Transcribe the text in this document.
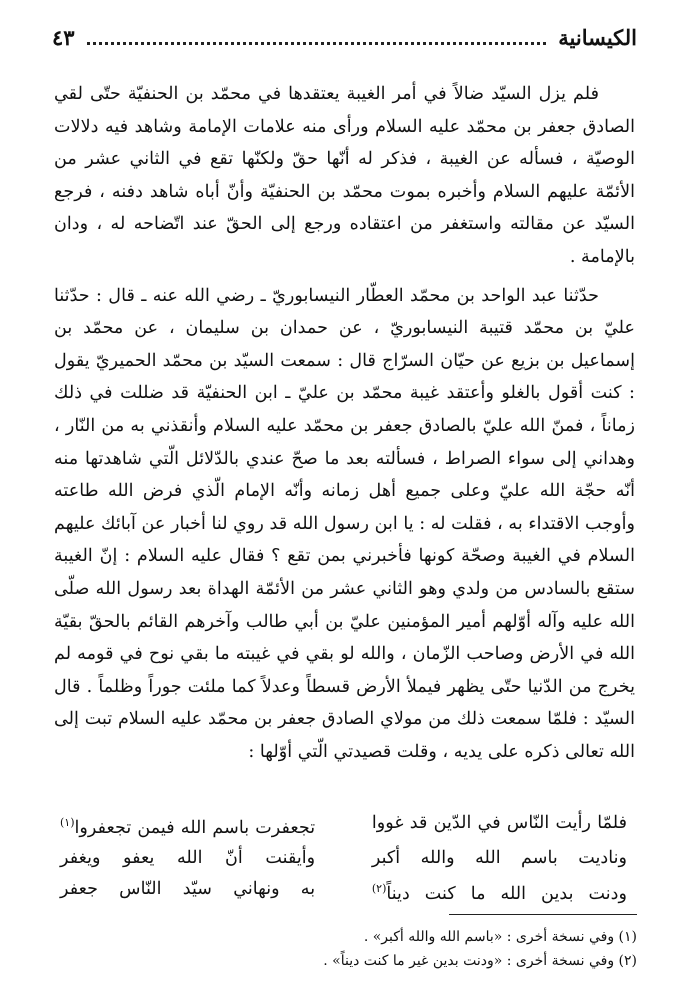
الكيسانية
٤٣

فلم يزل السيّد ضالاً في أمر الغيبة يعتقدها في محمّد بن الحنفيّة حتّى لقي الصادق جعفر بن محمّد عليه السلام ورأى منه علامات الإمامة وشاهد فيه دلالات الوصيّة ، فسأله عن الغيبة ، فذكر له أنّها حقّ ولكنّها تقع في الثاني عشر من الأئمّة عليهم السلام وأخبره بموت محمّد بن الحنفيّة وأنّ أباه شاهد دفنه ، فرجع السيّد عن مقالته واستغفر من اعتقاده ورجع إلى الحقّ عند اتّضاحه له ، ودان بالإمامة .

حدّثنا عبد الواحد بن محمّد العطّار النيسابوريّ ـ رضي الله عنه ـ قال : حدّثنا عليّ بن محمّد قتيبة النيسابوريّ ، عن حمدان بن سليمان ، عن محمّد بن إسماعيل بن بزيع عن حيّان السرّاج قال : سمعت السيّد بن محمّد الحميريّ يقول : كنت أقول بالغلو وأعتقد غيبة محمّد بن عليّ ـ ابن الحنفيّة قد ضللت في ذلك زماناً ، فمنّ الله عليّ بالصادق جعفر بن محمّد عليه السلام وأنقذني به من النّار ، وهداني إلى سواء الصراط ، فسألته بعد ما صحّ عندي بالدّلائل الّتي شاهدتها منه أنّه حجّة الله عليّ وعلى جميع أهل زمانه وأنّه الإمام الّذي فرض الله طاعته وأوجب الاقتداء به ، فقلت له : يا ابن رسول الله قد روي لنا أخبار عن آبائك عليهم السلام في الغيبة وصحّة كونها فأخبرني بمن تقع ؟ فقال عليه السلام : إنّ الغيبة ستقع بالسادس من ولدي وهو الثاني عشر من الأئمّة الهداة بعد رسول الله صلّى الله عليه وآله أوّلهم أمير المؤمنين عليّ بن أبي طالب وآخرهم القائم بالحقّ بقيّة الله في الأرض وصاحب الزّمان ، والله لو بقي في غيبته ما بقي نوح في قومه لم يخرج من الدّنيا حتّى يظهر فيملأ الأرض قسطاً وعدلاً كما ملئت جوراً وظلماً . قال السيّد : فلمّا سمعت ذلك من مولاي الصادق جعفر بن محمّد عليه السلام تبت إلى الله تعالى ذكره على يديه ، وقلت قصيدتي الّتي أوّلها :

فلمّا رأيت النّاس في الدّين قد غووا
تجعفرت باسم الله فيمن تجعفروا$^{(١)}$
وناديت باسم الله والله أكبر
وأيقنت أنّ الله يعفو ويغفر
ودنت بدين الله ما كنت ديناً$^{(٢)}$
به ونهاني سيّد النّاس جعفر
(١) وفي نسخة أخرى : «باسم الله والله أكبر» .
(٢) وفي نسخة أخرى : «ودنت بدين غير ما كنت ديناً» .
